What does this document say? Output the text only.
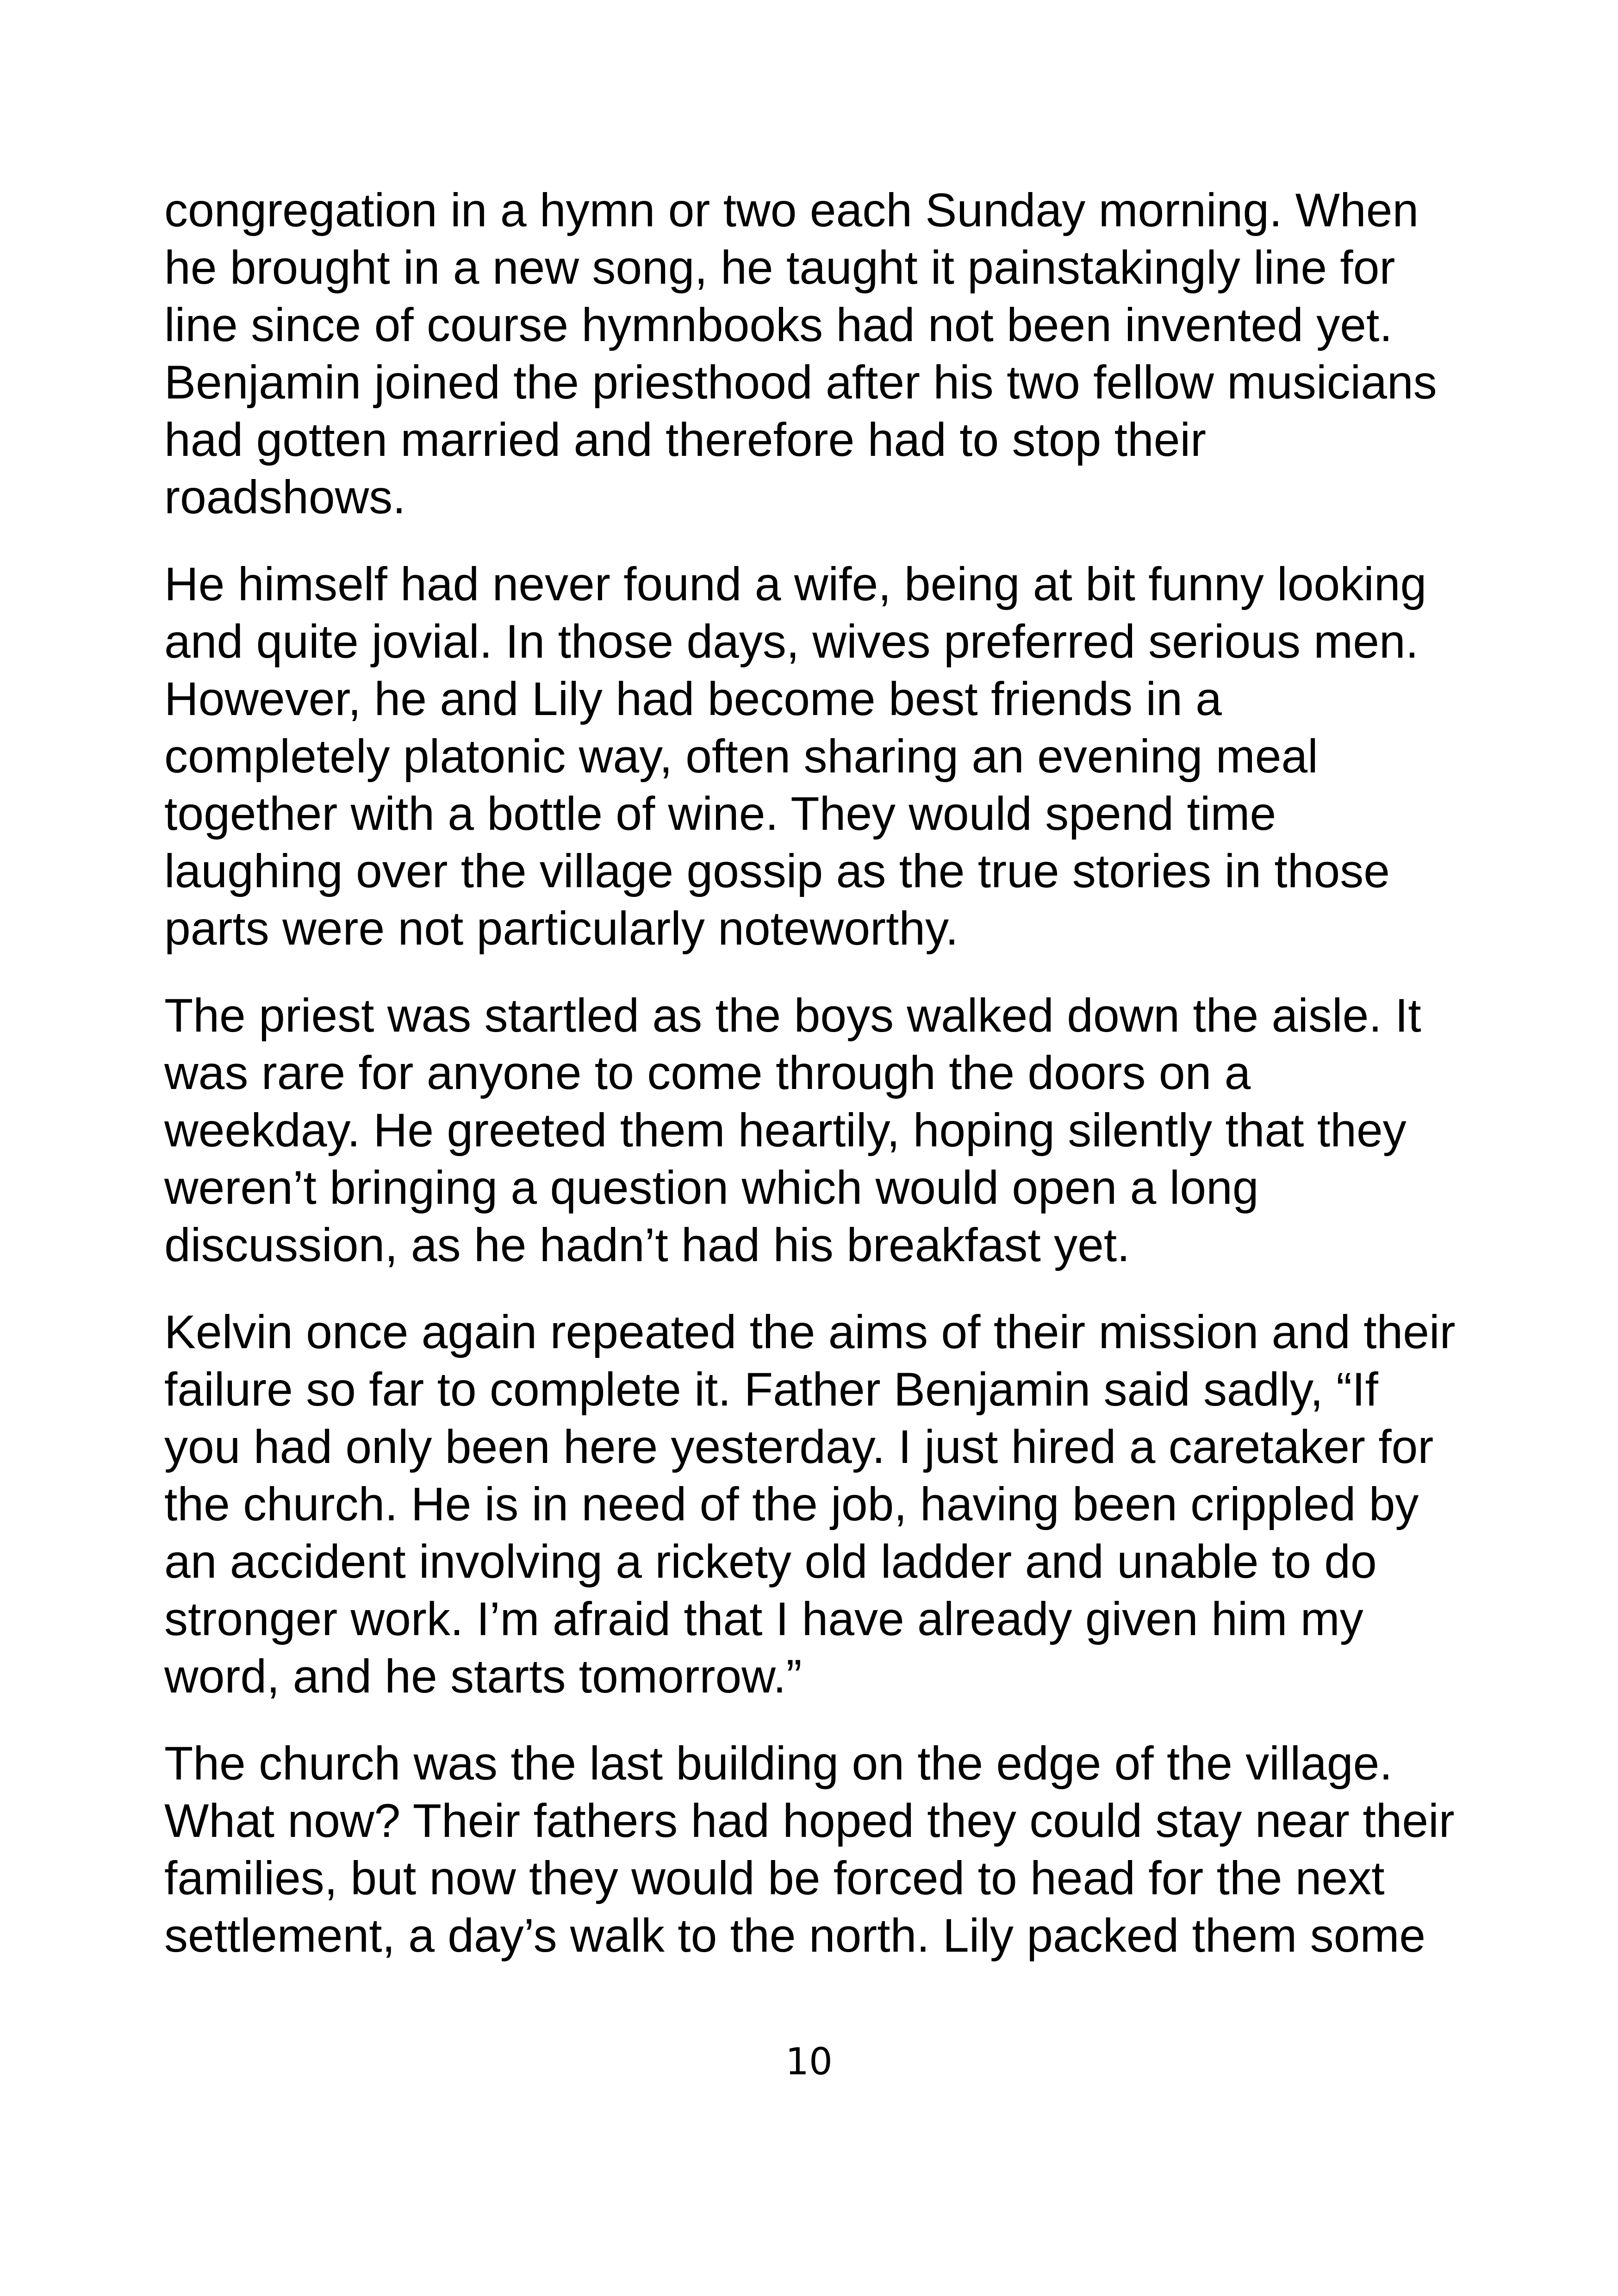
congregation in a hymn or two each Sunday morning. When
he brought in a new song, he taught it painstakingly line for
line since of course hymnbooks had not been invented yet.
Benjamin joined the priesthood after his two fellow musicians
had gotten married and therefore had to stop their
roadshows.

He himself had never found a wife, being at bit funny looking
and quite jovial. In those days, wives preferred serious men.
However, he and Lily had become best friends in a
completely platonic way, often sharing an evening meal
together with a bottle of wine. They would spend time
laughing over the village gossip as the true stories in those
parts were not particularly noteworthy.

The priest was startled as the boys walked down the aisle. It
was rare for anyone to come through the doors on a
weekday. He greeted them heartily, hoping silently that they
weren’t bringing a question which would open a long
discussion, as he hadn’t had his breakfast yet.

Kelvin once again repeated the aims of their mission and their
failure so far to complete it. Father Benjamin said sadly, “If
you had only been here yesterday. I just hired a caretaker for
the church. He is in need of the job, having been crippled by
an accident involving a rickety old ladder and unable to do
stronger work. I’m afraid that I have already given him my
word, and he starts tomorrow.”

The church was the last building on the edge of the village.
What now? Their fathers had hoped they could stay near their
families, but now they would be forced to head for the next
settlement, a day’s walk to the north. Lily packed them some

10
